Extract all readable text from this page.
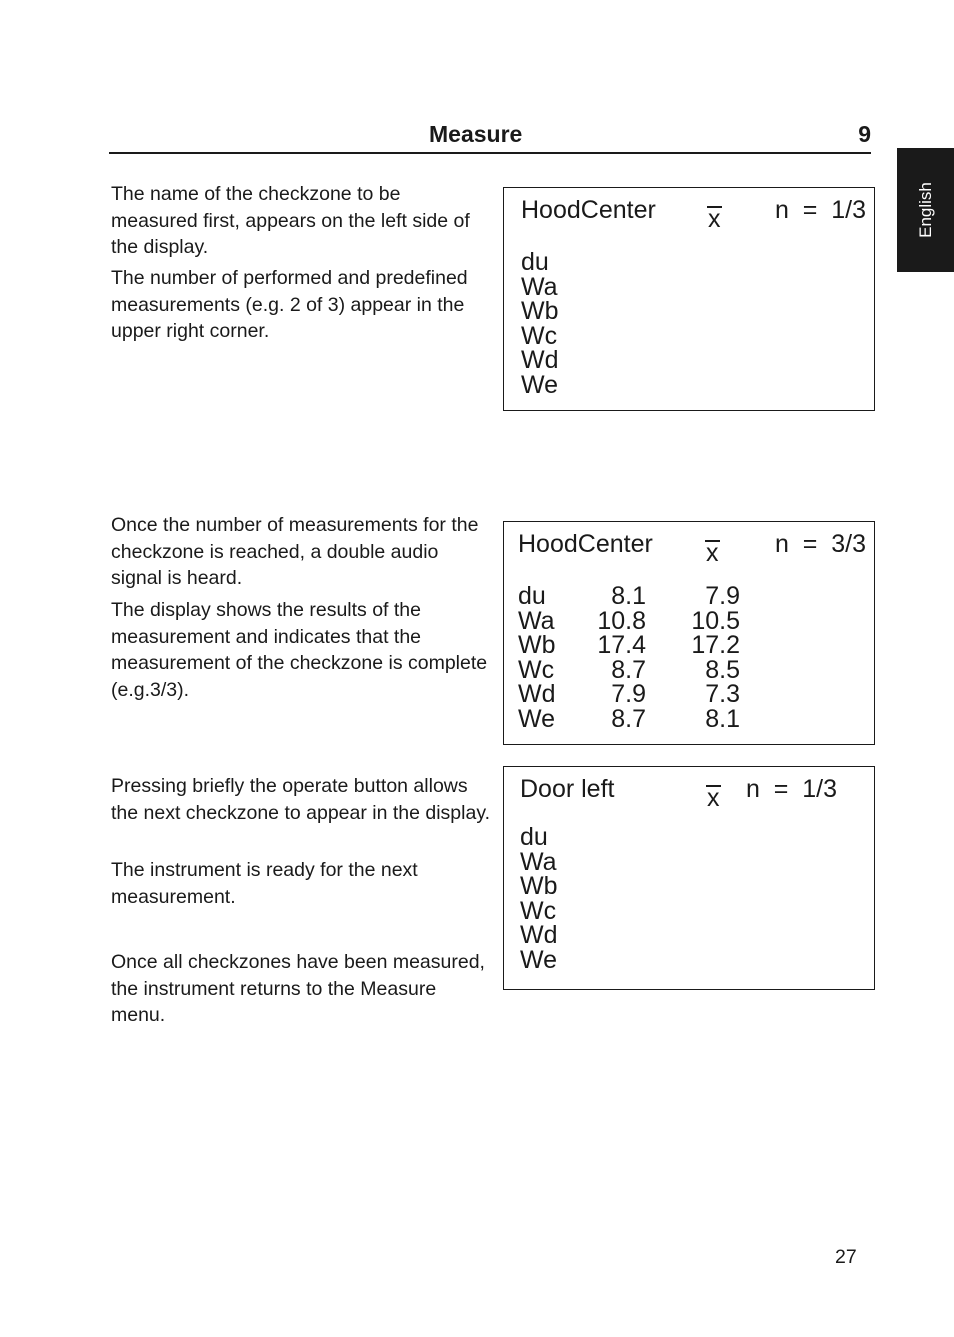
Measure	9
English

The name of the checkzone to be measured first, appears on the left side of the display.

The number of performed and predefined measurements (e.g. 2 of 3) appear in the upper right corner.

HoodCenter x n  =  1/3
du
Wa
Wb
Wc
Wd
We

Once the number of measurements for the checkzone is reached, a double audio signal is heard.

The display shows the results of the measurement and indicates that the measurement of the checkzone is complete (e.g.3/3).

HoodCenter x n  =  3/3
du	8.1 7.9
Wa 10.8 10.5
Wb 17.4 17.2
Wc 8.7 8.5
Wd 7.9 7.3
We 8.7 8.1

Pressing briefly the operate button allows the next checkzone to appear in the display.

The instrument is ready for the next measurement.

Once all checkzones have been measured, the instrument returns to the Measure menu.

Door left	x n  =  1/3
du
Wa
Wb
Wc
Wd
We
27
